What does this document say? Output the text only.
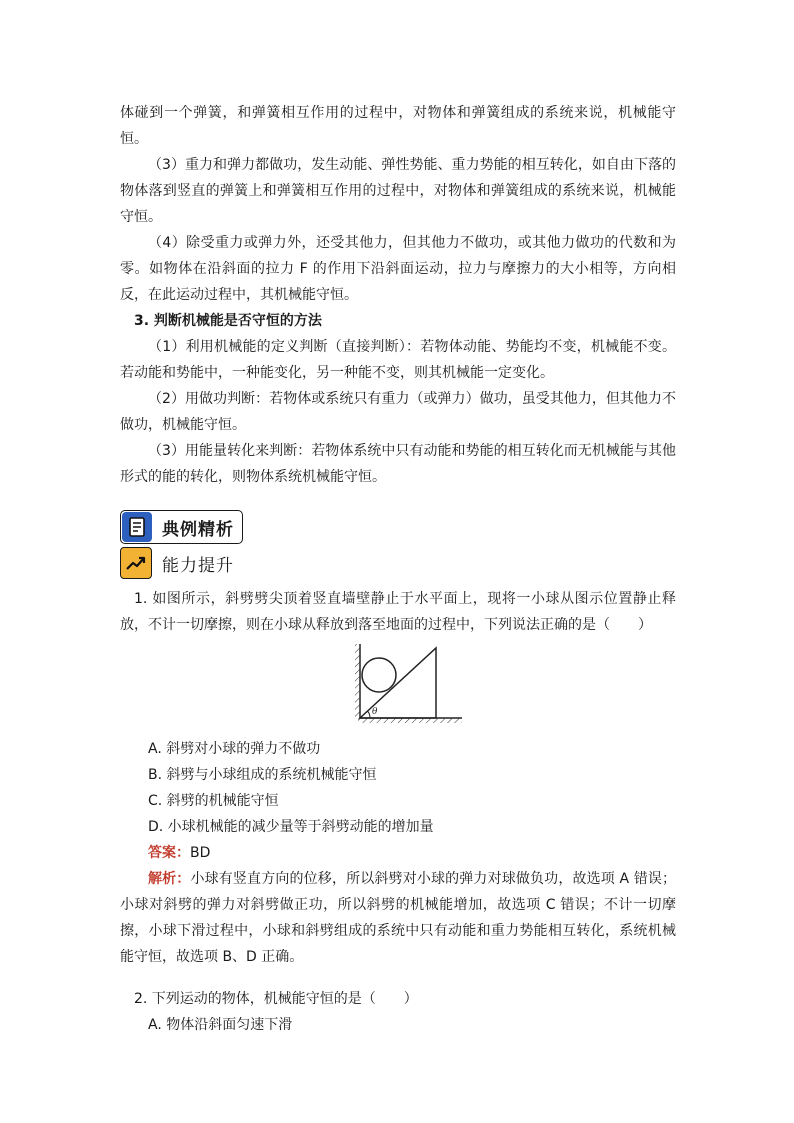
体碰到一个弹簧，和弹簧相互作用的过程中，对物体和弹簧组成的系统来说，机械能守恒。

（3）重力和弹力都做功，发生动能、弹性势能、重力势能的相互转化，如自由下落的物体落到竖直的弹簧上和弹簧相互作用的过程中，对物体和弹簧组成的系统来说，机械能守恒。

（4）除受重力或弹力外，还受其他力，但其他力不做功，或其他力做功的代数和为零。如物体在沿斜面的拉力 F 的作用下沿斜面运动，拉力与摩擦力的大小相等，方向相反，在此运动过程中，其机械能守恒。

3. 判断机械能是否守恒的方法

（1）利用机械能的定义判断（直接判断）：若物体动能、势能均不变，机械能不变。若动能和势能中，一种能变化，另一种能不变，则其机械能一定变化。

（2）用做功判断：若物体或系统只有重力（或弹力）做功，虽受其他力，但其他力不做功，机械能守恒。

（3）用能量转化来判断：若物体系统中只有动能和势能的相互转化而无机械能与其他形式的能的转化，则物体系统机械能守恒。

典例精析
能力提升

1. 如图所示，斜劈劈尖顶着竖直墙壁静止于水平面上，现将一小球从图示位置静止释放，不计一切摩擦，则在小球从释放到落至地面的过程中，下列说法正确的是（　　）

θ
A. 斜劈对小球的弹力不做功
B. 斜劈与小球组成的系统机械能守恒
C. 斜劈的机械能守恒
D. 小球机械能的减少量等于斜劈动能的增加量

答案：BD

解析：小球有竖直方向的位移，所以斜劈对小球的弹力对球做负功，故选项 A 错误；小球对斜劈的弹力对斜劈做正功，所以斜劈的机械能增加，故选项 C 错误；不计一切摩擦，小球下滑过程中，小球和斜劈组成的系统中只有动能和重力势能相互转化，系统机械能守恒，故选项 B、D 正确。

2. 下列运动的物体，机械能守恒的是（　　）

A. 物体沿斜面匀速下滑
